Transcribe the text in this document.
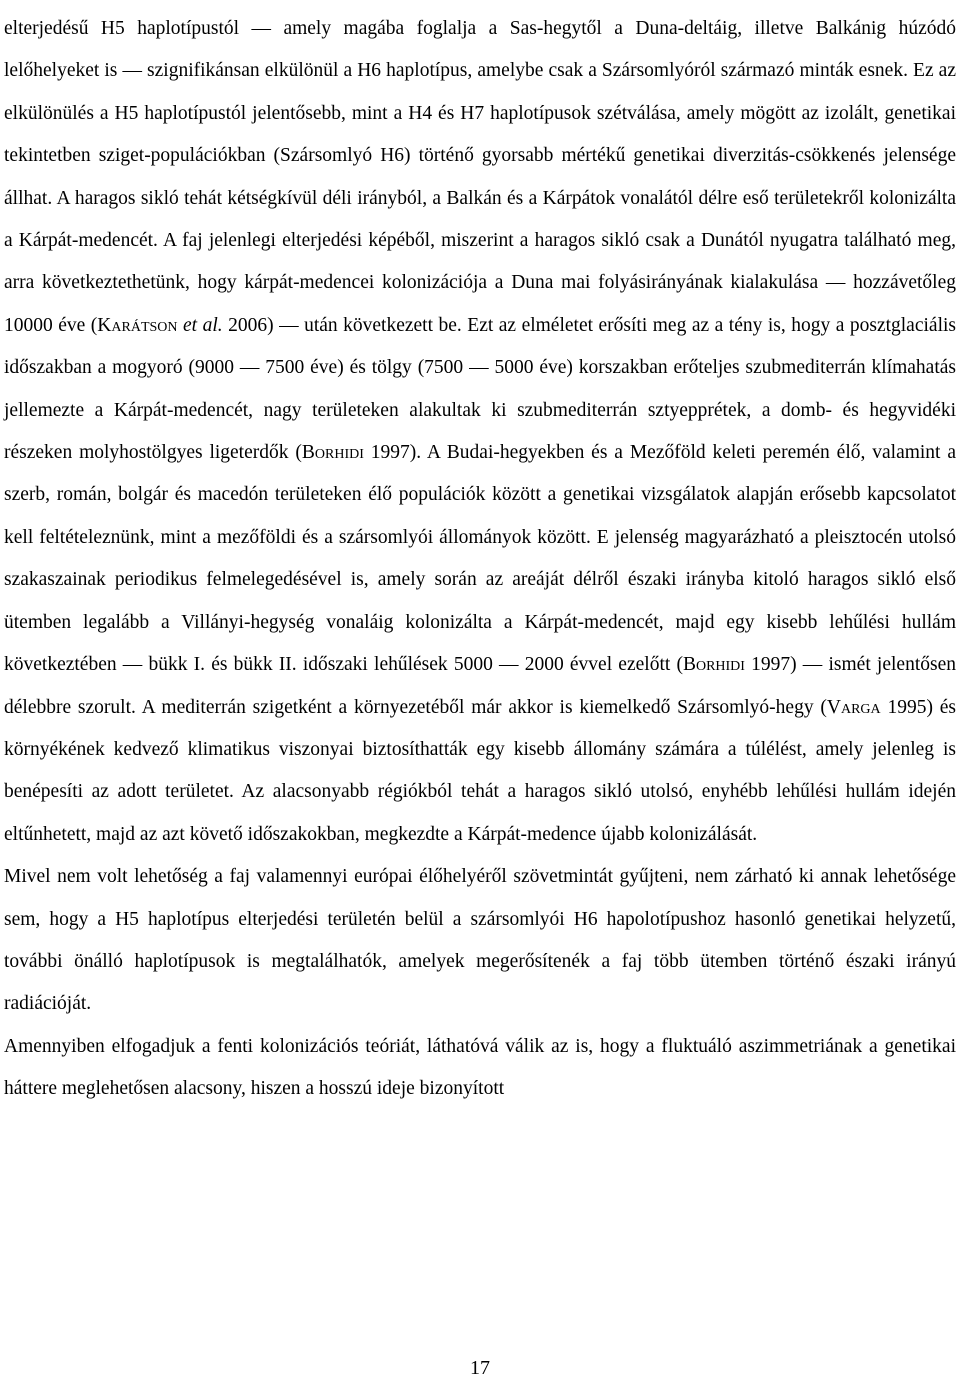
elterjedésű H5 haplotípustól ― amely magába foglalja a Sas-hegytől a Duna-deltáig, illetve Balkánig húzódó lelőhelyeket is ― szignifikánsan elkülönül a H6 haplotípus, amelybe csak a Szársomlyóról származó minták esnek. Ez az elkülönülés a H5 haplotípustól jelentősebb, mint a H4 és H7 haplotípusok szétválása, amely mögött az izolált, genetikai tekintetben sziget-populációkban (Szársomlyó H6) történő gyorsabb mértékű genetikai diverzitás-csökkenés jelensége állhat. A haragos sikló tehát kétségkívül déli irányból, a Balkán és a Kárpátok vonalától délre eső területekről kolonizálta a Kárpát-medencét. A faj jelenlegi elterjedési képéből, miszerint a haragos sikló csak a Dunától nyugatra található meg, arra következtethetünk, hogy kárpát-medencei kolonizációja a Duna mai folyásirányának kialakulása ― hozzávetőleg 10000 éve (Karátson et al. 2006) ― után következett be. Ezt az elméletet erősíti meg az a tény is, hogy a posztglaciális időszakban a mogyoró (9000 ― 7500 éve) és tölgy (7500 ― 5000 éve) korszakban erőteljes szubmediterrán klímahatás jellemezte a Kárpát-medencét, nagy területeken alakultak ki szubmediterrán sztyepprétek, a domb- és hegyvidéki részeken molyhostölgyes ligeterdők (Borhidi 1997). A Budai-hegyekben és a Mezőföld keleti peremén élő, valamint a szerb, román, bolgár és macedón területeken élő populációk között a genetikai vizsgálatok alapján erősebb kapcsolatot kell feltételeznünk, mint a mezőföldi és a szársomlyói állományok között. E jelenség magyarázható a pleisztocén utolsó szakaszainak periodikus felmelegedésével is, amely során az areáját délről északi irányba kitoló haragos sikló első ütemben legalább a Villányi-hegység vonaláig kolonizálta a Kárpát-medencét, majd egy kisebb lehűlési hullám következtében ― bükk I. és bükk II. időszaki lehűlések 5000 ― 2000 évvel ezelőtt (Borhidi 1997) ― ismét jelentősen délebbre szorult. A mediterrán szigetként a környezetéből már akkor is kiemelkedő Szársomlyó-hegy (Varga 1995) és környékének kedvező klimatikus viszonyai biztosíthatták egy kisebb állomány számára a túlélést, amely jelenleg is benépesíti az adott területet. Az alacsonyabb régiókból tehát a haragos sikló utolsó, enyhébb lehűlési hullám idején eltűnhetett, majd az azt követő időszakokban, megkezdte a Kárpát-medence újabb kolonizálását.

Mivel nem volt lehetőség a faj valamennyi európai élőhelyéről szövetmintát gyűjteni, nem zárható ki annak lehetősége sem, hogy a H5 haplotípus elterjedési területén belül a szársomlyói H6 hapolotípushoz hasonló genetikai helyzetű, további önálló haplotípusok is megtalálhatók, amelyek megerősítenék a faj több ütemben történő északi irányú radiációját.

Amennyiben elfogadjuk a fenti kolonizációs teóriát, láthatóvá válik az is, hogy a fluktuáló aszimmetriának a genetikai háttere meglehetősen alacsony, hiszen a hosszú ideje bizonyított

17
